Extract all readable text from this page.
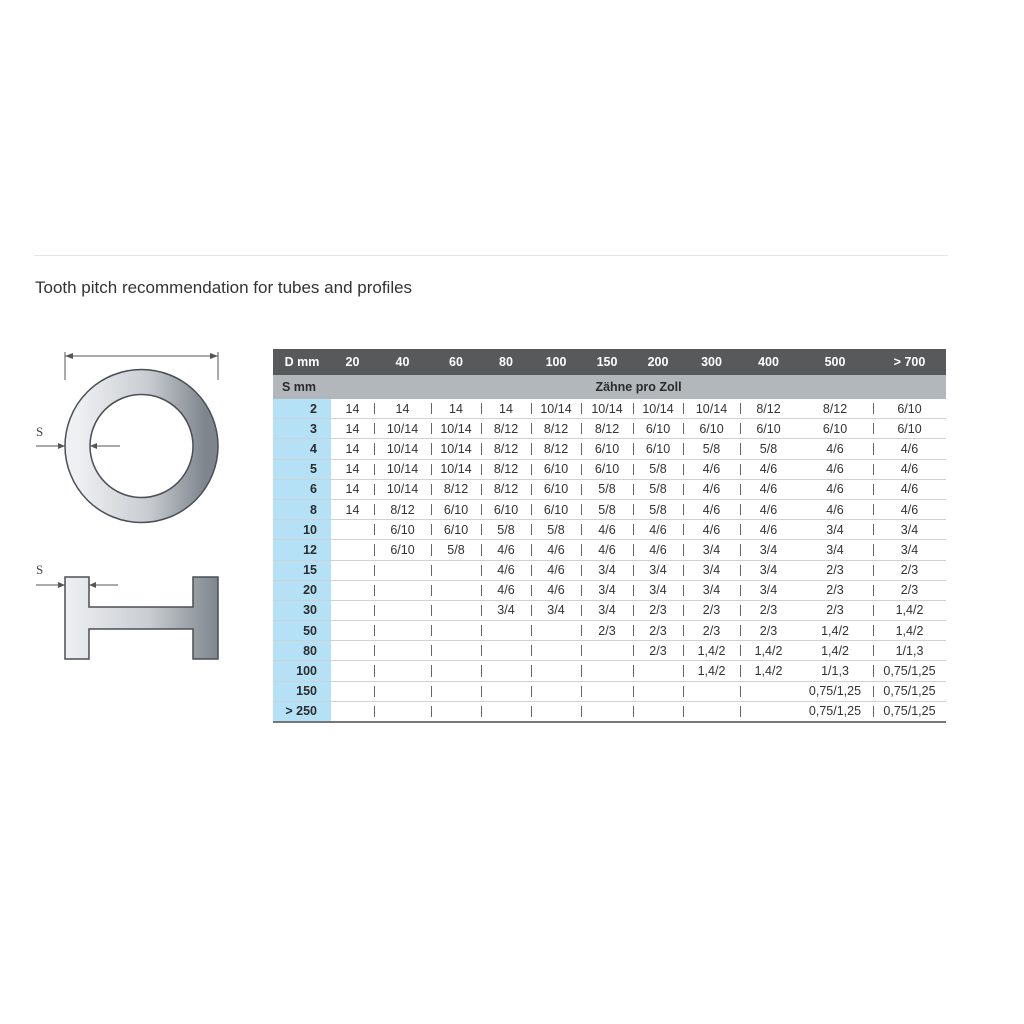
Tooth pitch recommendation for tubes and profiles
S
S
D mm	20	40	60	80	100	150	200	300	400	500	> 700
S mm	Zähne pro Zoll										
2	14	14	14	14	10/14	10/14	10/14	10/14	8/12	8/12	6/10
3	14	10/14	10/14	8/12	8/12	8/12	6/10	6/10	6/10	6/10	6/10
4	14	10/14	10/14	8/12	8/12	6/10	6/10	5/8	5/8	4/6	4/6
5	14	10/14	10/14	8/12	6/10	6/10	5/8	4/6	4/6	4/6	4/6
6	14	10/14	8/12	8/12	6/10	5/8	5/8	4/6	4/6	4/6	4/6
8	14	8/12	6/10	6/10	6/10	5/8	5/8	4/6	4/6	4/6	4/6
10		6/10	6/10	5/8	5/8	4/6	4/6	4/6	4/6	3/4	3/4
12		6/10	5/8	4/6	4/6	4/6	4/6	3/4	3/4	3/4	3/4
15				4/6	4/6	3/4	3/4	3/4	3/4	2/3	2/3
20				4/6	4/6	3/4	3/4	3/4	3/4	2/3	2/3
30				3/4	3/4	3/4	2/3	2/3	2/3	2/3	1,4/2
50						2/3	2/3	2/3	2/3	1,4/2	1,4/2
80							2/3	1,4/2	1,4/2	1,4/2	1/1,3
100								1,4/2	1,4/2	1/1,3	0,75/1,25
150										0,75/1,25	0,75/1,25
> 250										0,75/1,25	0,75/1,25
